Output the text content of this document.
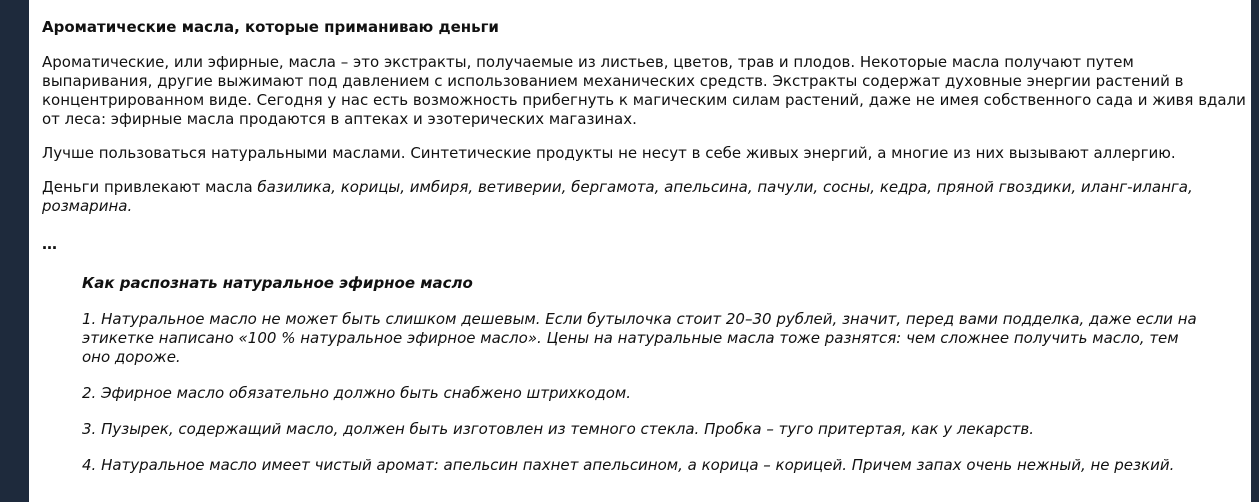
Ароматические масла, которые приманиваю деньги

Ароматические, или эфирные, масла – это экстракты, получаемые из листьев, цветов, трав и плодов. Некоторые масла получают путем выпаривания, другие выжимают под давлением с использованием механических средств. Экстракты содержат духовные энергии растений в концентрированном виде. Сегодня у нас есть возможность прибегнуть к магическим силам растений, даже не имея собственного сада и живя вдали от леса: эфирные масла продаются в аптеках и эзотерических магазинах.

Лучше пользоваться натуральными маслами. Синтетические продукты не несут в себе живых энергий, а многие из них вызывают аллергию.

Деньги привлекают масла базилика, корицы, имбиря, ветиверии, бергамота, апельсина, пачули, сосны, кедра, пряной гвоздики, иланг-иланга, розмарина.

…

Как распознать натуральное эфирное масло

1. Натуральное масло не может быть слишком дешевым. Если бутылочка стоит 20–30 рублей, значит, перед вами подделка, даже если на этикетке написано «100 % натуральное эфирное масло». Цены на натуральные масла тоже разнятся: чем сложнее получить масло, тем оно дороже.

2. Эфирное масло обязательно должно быть снабжено штрихкодом.

3. Пузырек, содержащий масло, должен быть изготовлен из темного стекла. Пробка – туго притертая, как у лекарств.

4. Натуральное масло имеет чистый аромат: апельсин пахнет апельсином, а корица – корицей. Причем запах очень нежный, не резкий.
